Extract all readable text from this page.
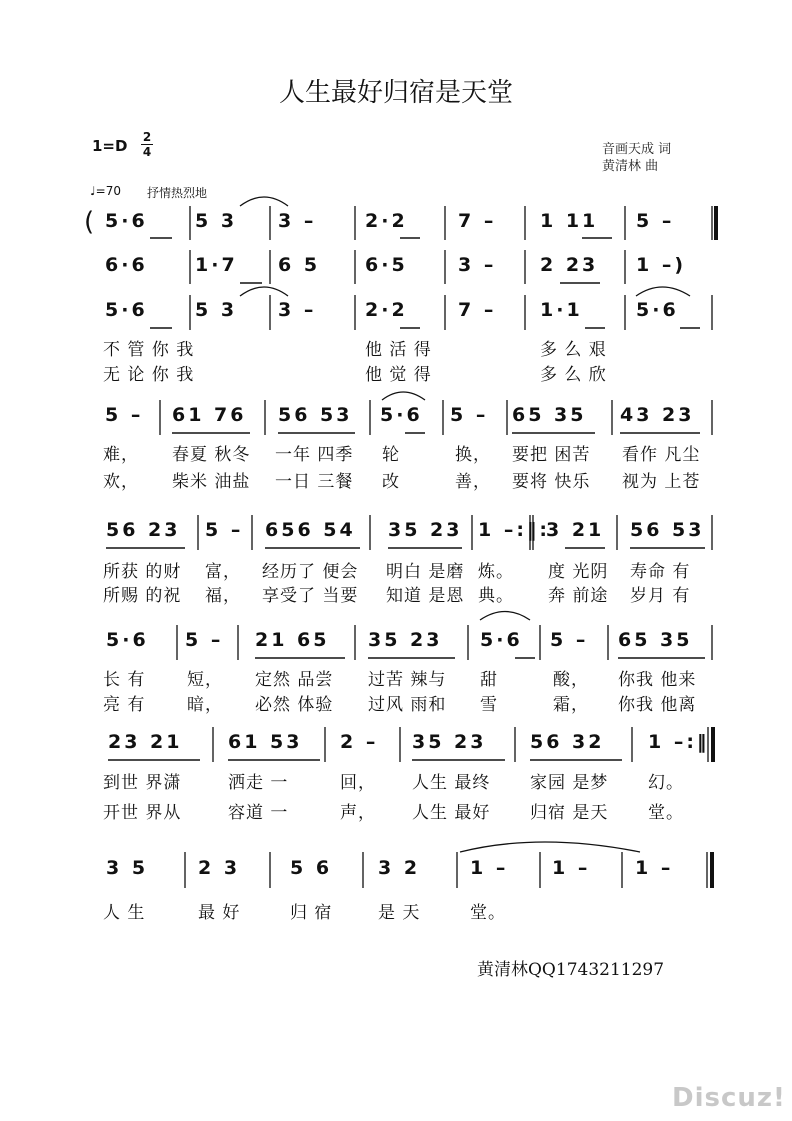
人生最好归宿是天堂
1=D 2
4	音画天成 词
黄清林 曲
♩=70 抒情热烈地
5·6 5 3 3 –	2·2	7 – 1 11 5 –
6·6 1·7 6 5 6·5	3 – 2 23 1 –)
5·6 5 3 3 –	2·2	7 – 1·1	5·6
不 管 你 我	他 活 得	多 么 艰
无 论 你 我	他 觉 得	多 么 欣
5 – 61 76 56 53 5·6 5 – 65 35 43 23
难， 春夏 秋冬 一年 四季 轮	换， 要把 困苦 看作 凡尘
欢， 柴米 油盐 一日 三餐 改	善， 要将 快乐 视为 上苍
56 23 5 – 656 54 35 23 1 –:‖:
3 21 56 53
所获 的财 富， 经历了 便会 明白 是磨 炼。 度 光阴 寿命 有
所赐 的祝 福， 享受了 当要 知道 是恩 典。 奔 前途 岁月 有
5·6 5 – 21 65 35 23 5·6 5 – 65 35
长 有 短， 定然 品尝 过苦 辣与 甜	酸， 你我 他来
亮 有 暗， 必然 体验 过风 雨和 雪	霜， 你我 他离
23 21 61 53 2 – 35 23 56 32 1 –:‖
到世 界潇	洒走 一	回， 人生 最终 家园 是梦 幻。
开世 界从	容道 一	声， 人生 最好 归宿 是天 堂。
3 5	2 3	5 6 3 2	1 – 1 – 1 –
人 生	最 好	归 宿	是 天	堂。
(
黄清林QQ1743211297
Discuz!
